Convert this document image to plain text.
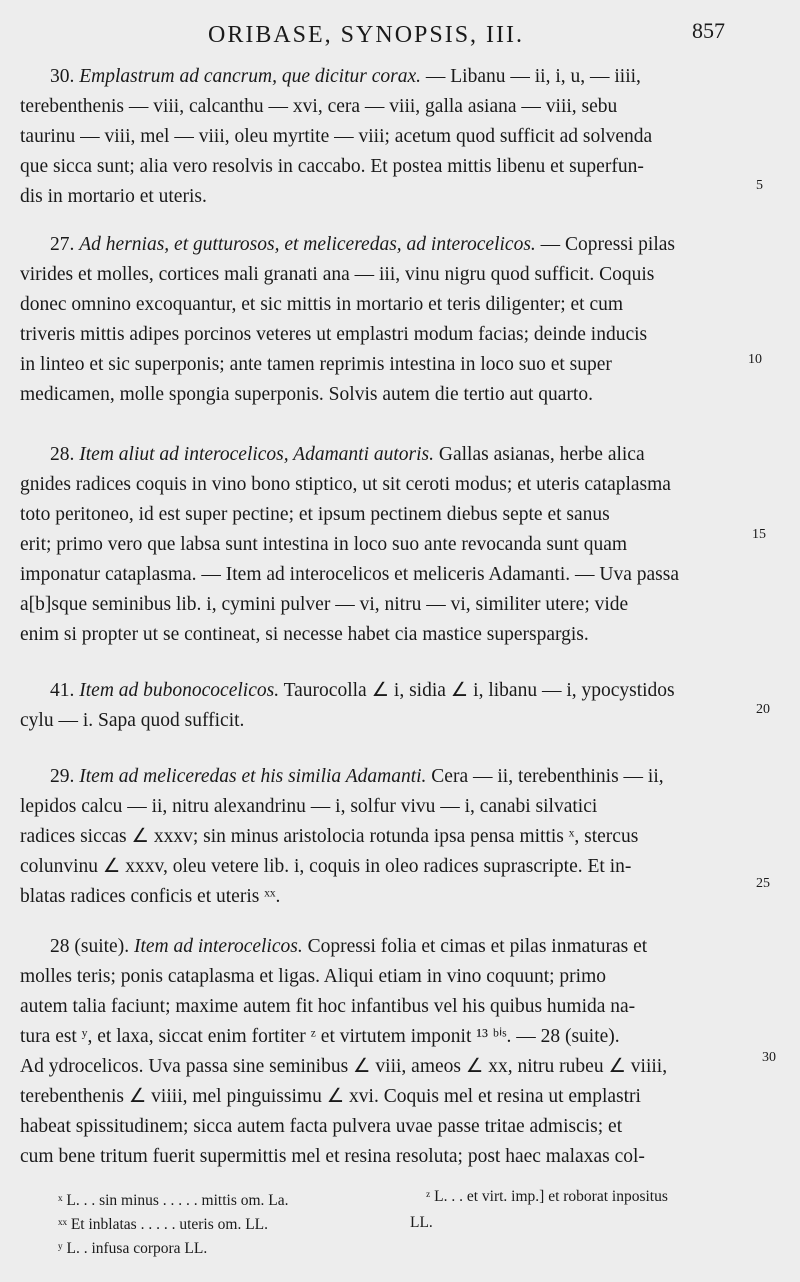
ORIBASE, SYNOPSIS, III.	857
30. Emplastrum ad cancrum, que dicitur corax. — Libanu — ii, i, u, — iiii,
terebenthenis — viii, calcanthu — xvi, cera — viii, galla asiana — viii, sebu
taurinu — viii, mel — viii, oleu myrtite — viii; acetum quod sufficit ad solvenda
que sicca sunt; alia vero resolvis in caccabo. Et postea mittis libenu et superfun-
dis in mortario et uteris.
27. Ad hernias, et gutturosos, et meliceredas, ad interocelicos. — Copressi pilas
virides et molles, cortices mali granati ana — iii, vinu nigru quod sufficit. Coquis
donec omnino excoquantur, et sic mittis in mortario et teris diligenter; et cum
triveris mittis adipes porcinos veteres ut emplastri modum facias; deinde inducis
in linteo et sic superponis; ante tamen reprimis intestina in loco suo et super
medicamen, molle spongia superponis. Solvis autem die tertio aut quarto.
28. Item aliut ad interocelicos, Adamanti autoris. Gallas asianas, herbe alica
gnides radices coquis in vino bono stiptico, ut sit ceroti modus; et uteris cataplasma
toto peritoneo, id est super pectine; et ipsum pectinem diebus septe et sanus
erit; primo vero que labsa sunt intestina in loco suo ante revocanda sunt quam
imponatur cataplasma. — Item ad interocelicos et meliceris Adamanti. — Uva passa
a[b]sque seminibus lib. i, cymini pulver — vi, nitru — vi, similiter utere; vide
enim si propter ut se contineat, si necesse habet cia mastice superspargis.
41. Item ad bubonococelicos. Taurocolla ∠ i, sidia ∠ i, libanu — i, ypocystidos
cylu — i. Sapa quod sufficit.
29. Item ad meliceredas et his similia Adamanti. Cera — ii, terebenthinis — ii,
lepidos calcu — ii, nitru alexandrinu — i, solfur vivu — i, canabi silvatici
radices siccas ∠ xxxv; sin minus aristolocia rotunda ipsa pensa mittis ˣ, stercus
colunvinu ∠ xxxv, oleu vetere lib. i, coquis in oleo radices suprascripte. Et in-
blatas radices conficis et uteris ˣˣ.
28 (suite). Item ad interocelicos. Copressi folia et cimas et pilas inmaturas et
molles teris; ponis cataplasma et ligas. Aliqui etiam in vino coquunt; primo
autem talia faciunt; maxime autem fit hoc infantibus vel his quibus humida na-
tura est ʸ, et laxa, siccat enim fortiter ᶻ et virtutem imponit ¹³ ᵇⁱˢ. — 28 (suite).
Ad ydrocelicos. Uva passa sine seminibus ∠ viii, ameos ∠ xx, nitru rubeu ∠ viiii,
terebenthenis ∠ viiii, mel pinguissimu ∠ xvi. Coquis mel et resina ut emplastri
habeat spissitudinem; sicca autem facta pulvera uvae passe tritae admiscis; et
cum bene tritum fuerit supermittis mel et resina resoluta; post haec malaxas col-
5
10
15
20
25
30
ˣ L. . . sin minus . . . . . mittis om. La.
ˣˣ Et inblatas . . . . . uteris om. LL.
ʸ L. . infusa corpora LL.
ᶻ L. . . et virt. imp.] et roborat inpositus
LL.
